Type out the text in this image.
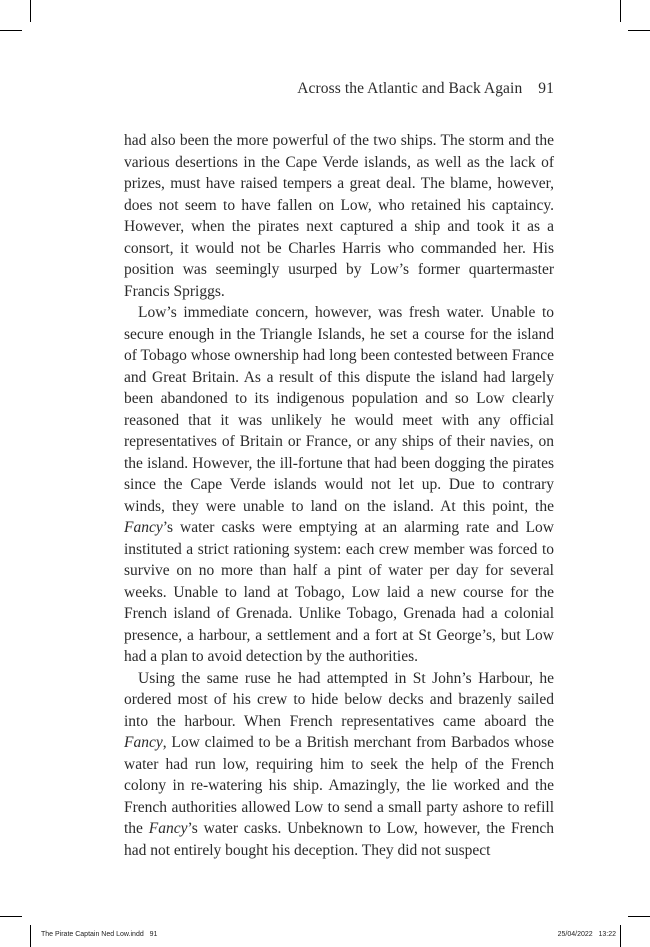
Across the Atlantic and Back Again 91

had also been the more powerful of the two ships. The storm and the various desertions in the Cape Verde islands, as well as the lack of prizes, must have raised tempers a great deal. The blame, however, does not seem to have fallen on Low, who retained his captaincy. However, when the pirates next captured a ship and took it as a consort, it would not be Charles Harris who commanded her. His position was seemingly usurped by Low’s former quartermaster Francis Spriggs.

Low’s immediate concern, however, was fresh water. Unable to secure enough in the Triangle Islands, he set a course for the island of Tobago whose ownership had long been contested between France and Great Britain. As a result of this dispute the island had largely been abandoned to its indigenous population and so Low clearly reasoned that it was unlikely he would meet with any official representatives of Britain or France, or any ships of their navies, on the island. However, the ill-fortune that had been dogging the pirates since the Cape Verde islands would not let up. Due to contrary winds, they were unable to land on the island. At this point, the Fancy’s water casks were emptying at an alarming rate and Low instituted a strict rationing system: each crew member was forced to survive on no more than half a pint of water per day for several weeks. Unable to land at Tobago, Low laid a new course for the French island of Grenada. Unlike Tobago, Grenada had a colonial presence, a harbour, a settlement and a fort at St George’s, but Low had a plan to avoid detection by the authorities.

Using the same ruse he had attempted in St John’s Harbour, he ordered most of his crew to hide below decks and brazenly sailed into the harbour. When French representatives came aboard the Fancy, Low claimed to be a British merchant from Barbados whose water had run low, requiring him to seek the help of the French colony in re-watering his ship. Amazingly, the lie worked and the French authorities allowed Low to send a small party ashore to refill the Fancy’s water casks. Unbeknown to Low, however, the French had not entirely bought his deception. They did not suspect

The Pirate Captain Ned Low.indd   91	25/04/2022   13:22
